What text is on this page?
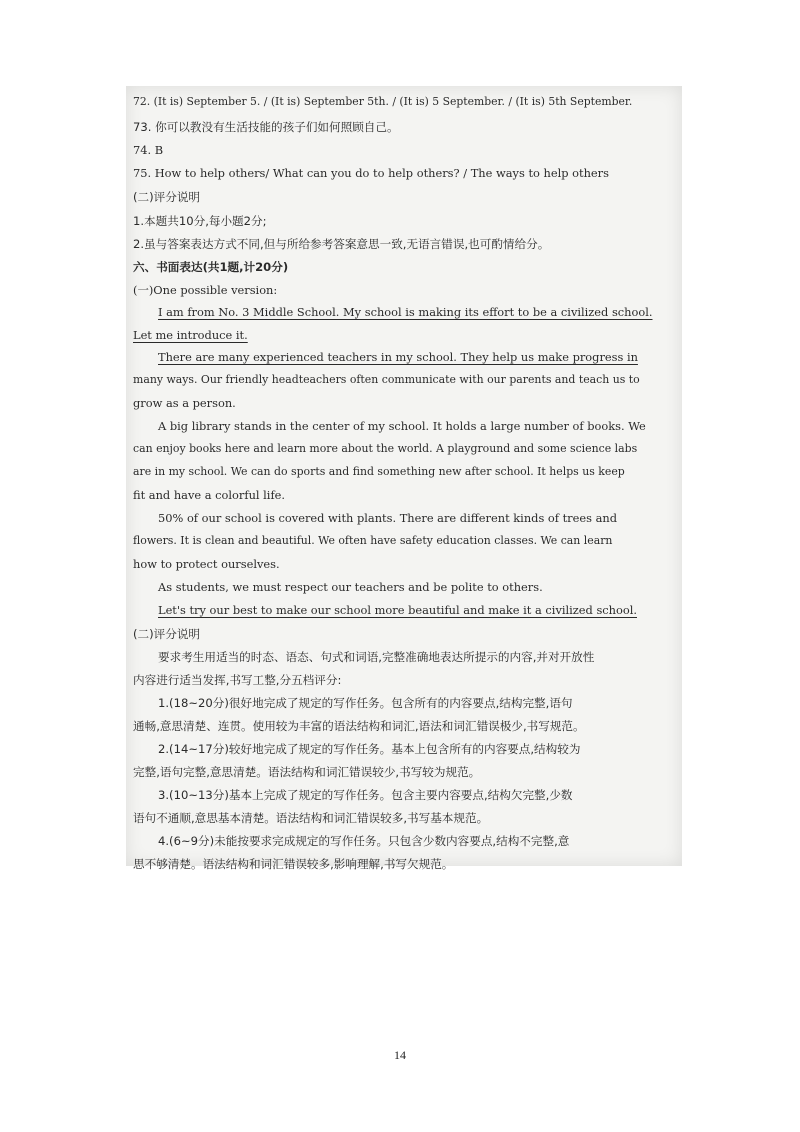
72. (It is) September 5. / (It is) September 5th. / (It is) 5 September. / (It is) 5th September.
73. 你可以教没有生活技能的孩子们如何照顾自己。
74. B
75. How to help others/ What can you do to help others? / The ways to help others
(二)评分说明
1.本题共10分,每小题2分;
2.虽与答案表达方式不同,但与所给参考答案意思一致,无语言错误,也可酌情给分。
六、书面表达(共1题,计20分)
(一)One possible version:
I am from No. 3 Middle School. My school is making its effort to be a civilized school.
Let me introduce it.
There are many experienced teachers in my school. They help us make progress in
many ways. Our friendly headteachers often communicate with our parents and teach us to
grow as a person.
A big library stands in the center of my school. It holds a large number of books. We
can enjoy books here and learn more about the world. A playground and some science labs
are in my school. We can do sports and find something new after school. It helps us keep
fit and have a colorful life.
50% of our school is covered with plants. There are different kinds of trees and
flowers. It is clean and beautiful. We often have safety education classes. We can learn
how to protect ourselves.
As students, we must respect our teachers and be polite to others.
Let's try our best to make our school more beautiful and make it a civilized school.
(二)评分说明
要求考生用适当的时态、语态、句式和词语,完整准确地表达所提示的内容,并对开放性
内容进行适当发挥,书写工整,分五档评分:
1.(18~20分)很好地完成了规定的写作任务。包含所有的内容要点,结构完整,语句
通畅,意思清楚、连贯。使用较为丰富的语法结构和词汇,语法和词汇错误极少,书写规范。
2.(14~17分)较好地完成了规定的写作任务。基本上包含所有的内容要点,结构较为
完整,语句完整,意思清楚。语法结构和词汇错误较少,书写较为规范。
3.(10~13分)基本上完成了规定的写作任务。包含主要内容要点,结构欠完整,少数
语句不通顺,意思基本清楚。语法结构和词汇错误较多,书写基本规范。
4.(6~9分)未能按要求完成规定的写作任务。只包含少数内容要点,结构不完整,意
思不够清楚。语法结构和词汇错误较多,影响理解,书写欠规范。
14
